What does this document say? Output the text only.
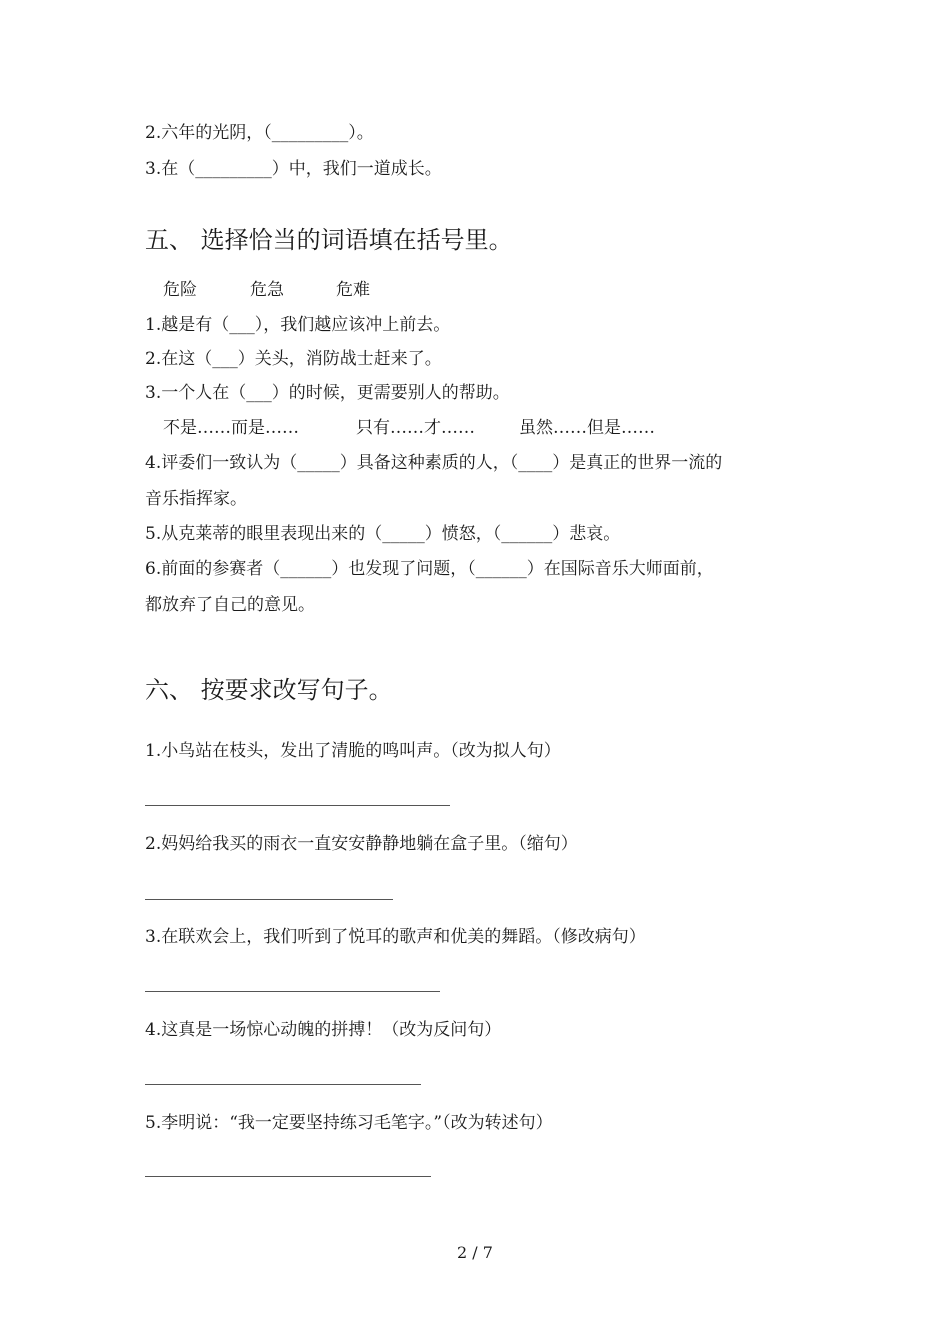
2.六年的光阴，（_________）。
3.在（_________）中，我们一道成长。
五、 选择恰当的词语填在括号里。
危险	危急	危难
1.越是有（___），我们越应该冲上前去。
2.在这（___）关头，消防战士赶来了。
3.一个人在（___）的时候，更需要别人的帮助。
不是……而是……	只有……才……	虽然……但是……
4.评委们一致认为（_____）具备这种素质的人，（____）是真正的世界一流的
音乐指挥家。
5.从克莱蒂的眼里表现出来的（_____）愤怒，（______）悲哀。
6.前面的参赛者（______）也发现了问题，（______）在国际音乐大师面前，
都放弃了自己的意见。
六、 按要求改写句子。
1.小鸟站在枝头，发出了清脆的鸣叫声。（改为拟人句）
2.妈妈给我买的雨衣一直安安静静地躺在盒子里。（缩句）
3.在联欢会上，我们听到了悦耳的歌声和优美的舞蹈。（修改病句）
4.这真是一场惊心动魄的拼搏！（改为反问句）
5.李明说：“我一定要坚持练习毛笔字。”（改为转述句）
2 / 7
